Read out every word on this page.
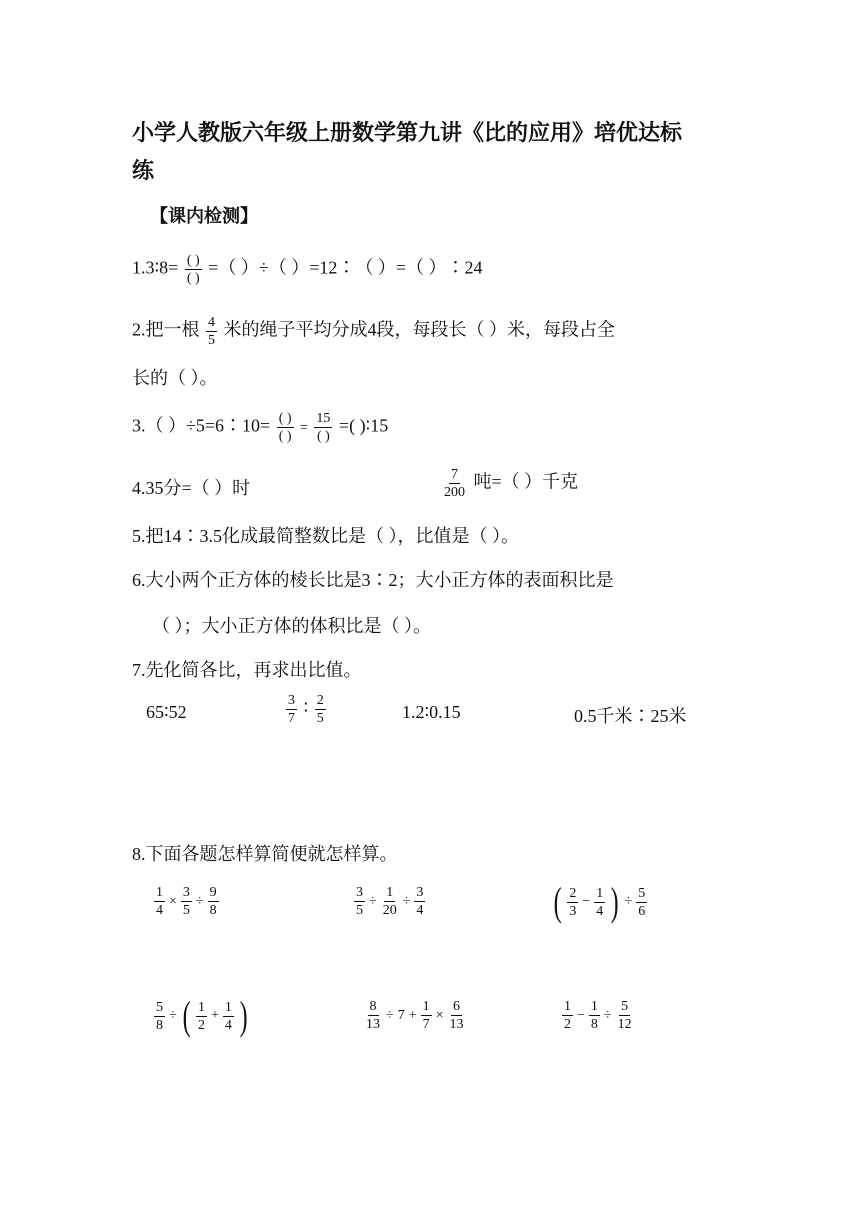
小学人教版六年级上册数学第九讲《比的应用》培优达标
练
【课内检测】
1.3∶8= $\frac{( )}{( )}$ =（ ）÷（ ）=12∶（ ）=（ ）∶24
2.把一根 $\frac{4}{5}$ 米的绳子平均分成4段，每段长（ ）米，每段占全
长的（ ）。
3.（ ）÷5=6∶10= $\frac{( )}{( )} = \frac{15}{( )}$ =( )∶15
4.35分=（ ）时	$\frac{7}{200}$ 吨=（ ）千克
5.把14∶3.5化成最简整数比是（ ），比值是（ ）。
6.大小两个正方体的棱长比是3∶2；大小正方体的表面积比是
（ ）；大小正方体的体积比是（ ）。
7.先化简各比，再求出比值。
65∶52	$\frac{3}{7}$ ∶ $\frac{2}{5}$	1.2∶0.15	0.5千米∶25米
8.下面各题怎样算简便就怎样算。
$\frac{1}{4} \times \frac{3}{5} \div \frac{9}{8}$	$\frac{3}{5} \div \frac{1}{20} \div \frac{3}{4}$	( $\frac{2}{3} - \frac{1}{4}$ ) ÷ $\frac{5}{6}$
$\frac{5}{8}$ ÷ ( $\frac{1}{2} + \frac{1}{4}$ )	$\frac{8}{13} \div 7 + \frac{1}{7} \times \frac{6}{13}$	$\frac{1}{2} - \frac{1}{8} \div \frac{5}{12}$
